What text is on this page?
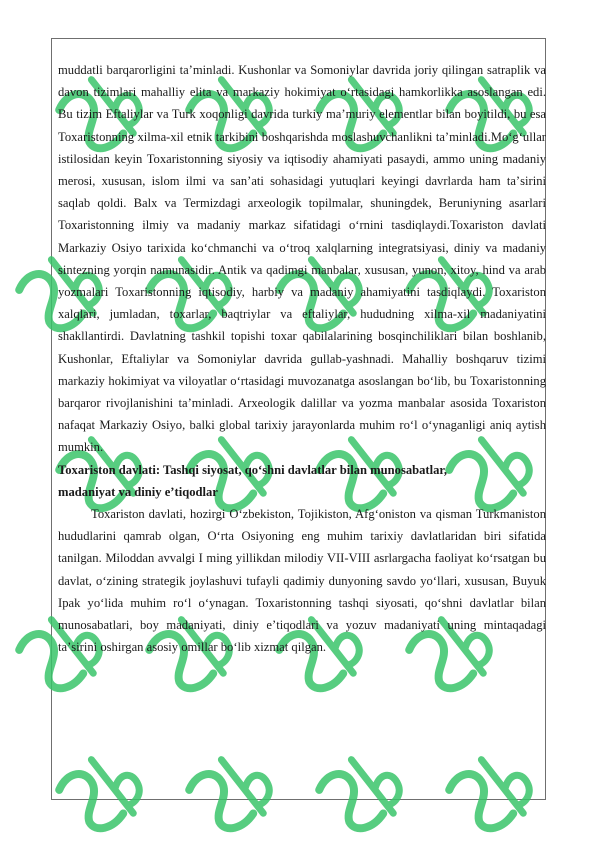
muddatli barqarorligini taʼminladi. Kushonlar va Somoniylar davrida joriy qilingan satraplik va davon tizimlari mahalliy elita va markaziy hokimiyat oʻrtasidagi hamkorlikka asoslangan edi. Bu tizim Eftaliylar va Turk xoqonligi davrida turkiy maʼmuriy elementlar bilan boyitildi, bu esa Toxaristonning xilma-xil etnik tarkibini boshqarishda moslashuvchanlikni taʼminladi.Moʻgʻullar istilosidan keyin Toxaristonning siyosiy va iqtisodiy ahamiyati pasaydi, ammo uning madaniy merosi, xususan, islom ilmi va sanʼati sohasidagi yutuqlari keyingi davrlarda ham taʼsirini saqlab qoldi. Balx va Termizdagi arxeologik topilmalar, shuningdek, Beruniyning asarlari Toxaristonning ilmiy va madaniy markaz sifatidagi oʻrnini tasdiqlaydi.Toxariston davlati Markaziy Osiyo tarixida koʻchmanchi va oʻtroq xalqlarning integratsiyasi, diniy va madaniy sintezning yorqin namunasidir. Antik va qadimgi manbalar, xususan, yunon, xitoy, hind va arab yozmalari Toxaristonning iqtisodiy, harbiy va madaniy ahamiyatini tasdiqlaydi. Toxariston xalqlari, jumladan, toxarlar, baqtriylar va eftaliylar, hududning xilma-xil madaniyatini shakllantirdi. Davlatning tashkil topishi toxar qabilalarining bosqinchiliklari bilan boshlanib, Kushonlar, Eftaliylar va Somoniylar davrida gullab-yashnadi. Mahalliy boshqaruv tizimi markaziy hokimiyat va viloyatlar oʻrtasidagi muvozanatga asoslangan boʻlib, bu Toxaristonning barqaror rivojlanishini taʼminladi. Arxeologik dalillar va yozma manbalar asosida Toxariston nafaqat Markaziy Osiyo, balki global tarixiy jarayonlarda muhim roʻl oʻynaganligi aniq aytish mumkin.

Toxariston davlati: Tashqi siyosat, qoʻshni davlatlar bilan munosabatlar,

madaniyat va diniy eʼtiqodlar

Toxariston davlati, hozirgi Oʻzbekiston, Tojikiston, Afgʻoniston va qisman Turkmaniston hududlarini qamrab olgan, Oʻrta Osiyoning eng muhim tarixiy davlatlaridan biri sifatida tanilgan. Miloddan avvalgi I ming yillikdan milodiy VII-VIII asrlargacha faoliyat koʻrsatgan bu davlat, oʻzining strategik joylashuvi tufayli qadimiy dunyoning savdo yoʻllari, xususan, Buyuk Ipak yoʻlida muhim roʻl oʻynagan. Toxaristonning tashqi siyosati, qoʻshni davlatlar bilan munosabatlari, boy madaniyati, diniy eʼtiqodlari va yozuv madaniyati uning mintaqadagi taʼsirini oshirgan asosiy omillar boʻlib xizmat qilgan.
